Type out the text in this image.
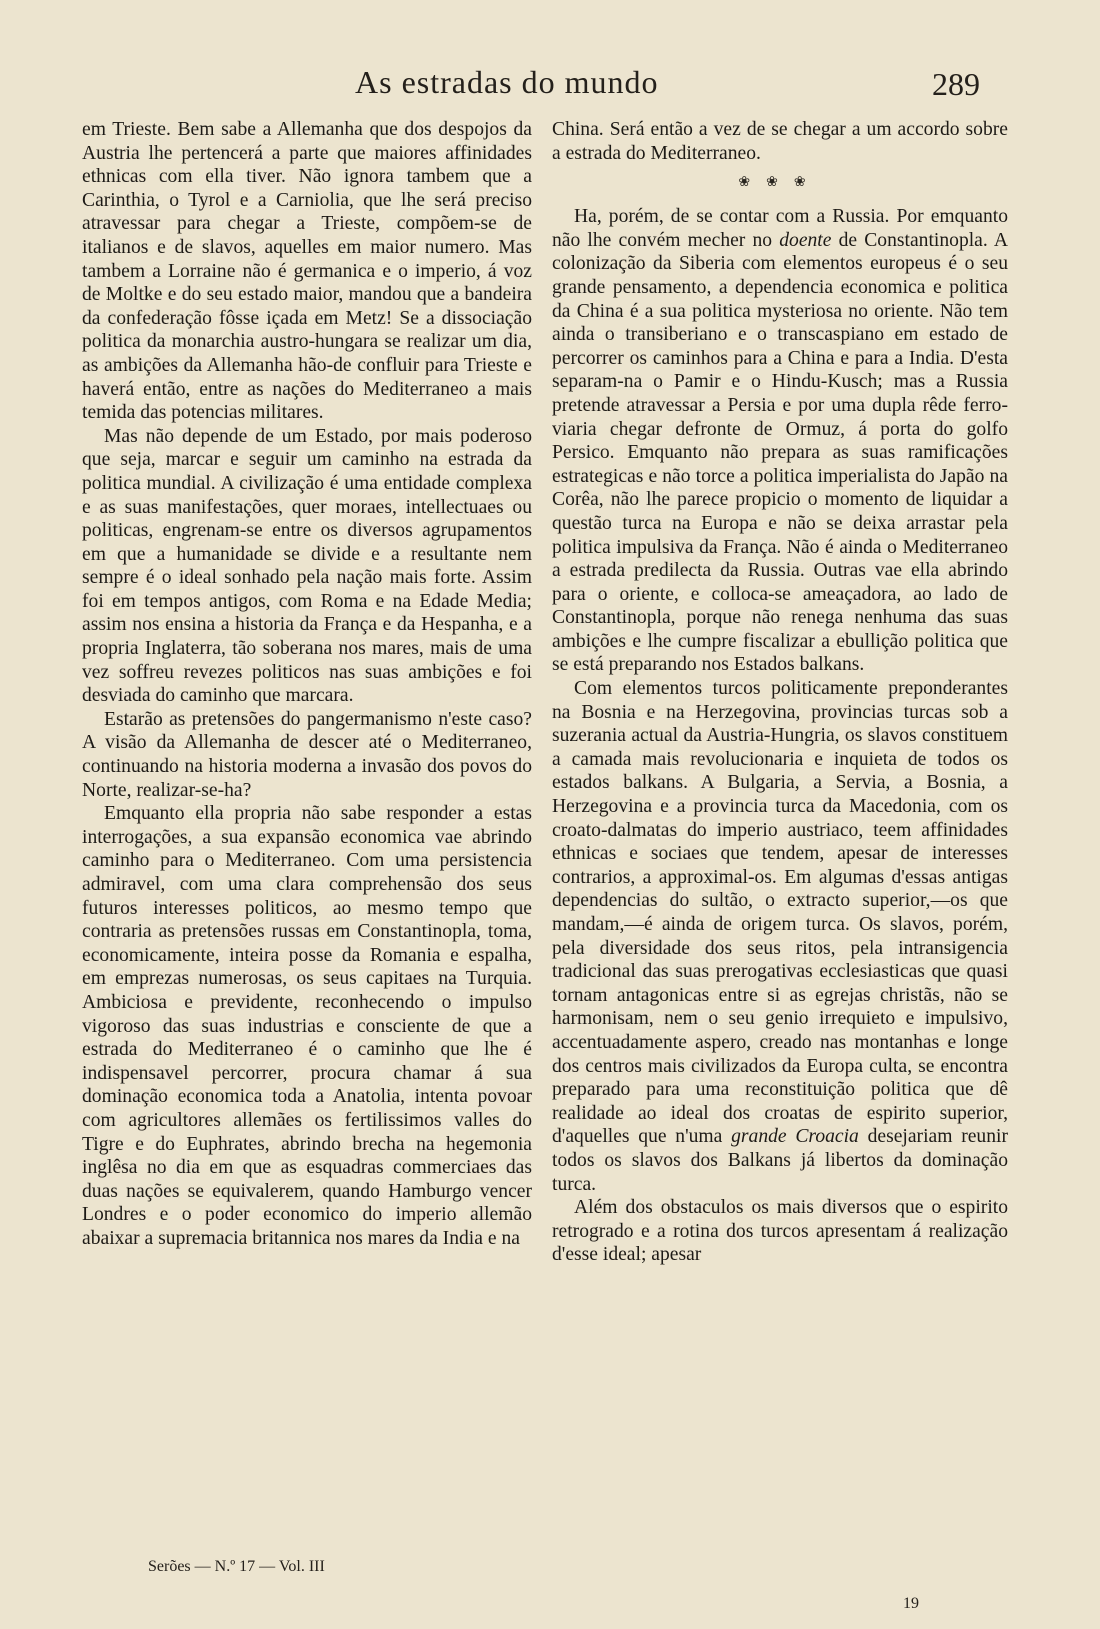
As estradas do mundo	289

em Trieste. Bem sabe a Allemanha que dos despojos da Austria lhe pertencerá a parte que maiores affinidades ethnicas com ella tiver. Não ignora tambem que a Carinthia, o Tyrol e a Carniolia, que lhe será preciso atravessar para chegar a Trieste, compõem-se de italianos e de slavos, aquelles em maior numero. Mas tambem a Lorraine não é germanica e o imperio, á voz de Moltke e do seu estado maior, mandou que a bandeira da confederação fôsse içada em Metz! Se a dissociação politica da monarchia austro-hungara se realizar um dia, as ambições da Allemanha hão-de confluir para Trieste e haverá então, entre as nações do Mediterraneo a mais temida das potencias militares.

Mas não depende de um Estado, por mais poderoso que seja, marcar e seguir um caminho na estrada da politica mundial. A civilização é uma entidade complexa e as suas manifestações, quer moraes, intellectuaes ou politicas, engrenam-se entre os diversos agrupamentos em que a humanidade se divide e a resultante nem sempre é o ideal sonhado pela nação mais forte. Assim foi em tempos antigos, com Roma e na Edade Media; assim nos ensina a historia da França e da Hespanha, e a propria Inglaterra, tão soberana nos mares, mais de uma vez soffreu revezes politicos nas suas ambições e foi desviada do caminho que marcara.

Estarão as pretensões do pangermanismo n'este caso? A visão da Allemanha de descer até o Mediterraneo, continuando na historia moderna a invasão dos povos do Norte, realizar-se-ha?

Emquanto ella propria não sabe responder a estas interrogações, a sua expansão economica vae abrindo caminho para o Mediterraneo. Com uma persistencia admiravel, com uma clara comprehensão dos seus futuros interesses politicos, ao mesmo tempo que contraria as pretensões russas em Constantinopla, toma, economicamente, inteira posse da Romania e espalha, em emprezas numerosas, os seus capitaes na Turquia. Ambiciosa e previdente, reconhecendo o impulso vigoroso das suas industrias e consciente de que a estrada do Mediterraneo é o caminho que lhe é indispensavel percorrer, procura chamar á sua dominação economica toda a Anatolia, intenta povoar com agricultores allemães os fertilissimos valles do Tigre e do Euphrates, abrindo brecha na hegemonia inglêsa no dia em que as esquadras commerciaes das duas nações se equivalerem, quando Hamburgo vencer Londres e o poder economico do imperio allemão abaixar a supremacia britannica nos mares da India e na

China. Será então a vez de se chegar a um accordo sobre a estrada do Mediterraneo.

❀❀❀

Ha, porém, de se contar com a Russia. Por emquanto não lhe convém mecher no doente de Constantinopla. A colonização da Siberia com elementos europeus é o seu grande pensamento, a dependencia economica e politica da China é a sua politica mysteriosa no oriente. Não tem ainda o transiberiano e o transcaspiano em estado de percorrer os caminhos para a China e para a India. D'esta separam-na o Pamir e o Hindu-Kusch; mas a Russia pretende atravessar a Persia e por uma dupla rêde ferro-viaria chegar defronte de Ormuz, á porta do golfo Persico. Emquanto não prepara as suas ramificações estrategicas e não torce a politica imperialista do Japão na Corêa, não lhe parece propicio o momento de liquidar a questão turca na Europa e não se deixa arrastar pela politica impulsiva da França. Não é ainda o Mediterraneo a estrada predilecta da Russia. Outras vae ella abrindo para o oriente, e colloca-se ameaçadora, ao lado de Constantinopla, porque não renega nenhuma das suas ambições e lhe cumpre fiscalizar a ebullição politica que se está preparando nos Estados balkans.

Com elementos turcos politicamente preponderantes na Bosnia e na Herzegovina, provincias turcas sob a suzerania actual da Austria-Hungria, os slavos constituem a camada mais revolucionaria e inquieta de todos os estados balkans. A Bulgaria, a Servia, a Bosnia, a Herzegovina e a provincia turca da Macedonia, com os croato-dalmatas do imperio austriaco, teem affinidades ethnicas e sociaes que tendem, apesar de interesses contrarios, a approximal-os. Em algumas d'essas antigas dependencias do sultão, o extracto superior,—os que mandam,—é ainda de origem turca. Os slavos, porém, pela diversidade dos seus ritos, pela intransigencia tradicional das suas prerogativas ecclesiasticas que quasi tornam antagonicas entre si as egrejas christãs, não se harmonisam, nem o seu genio irrequieto e impulsivo, accentuadamente aspero, creado nas montanhas e longe dos centros mais civilizados da Europa culta, se encontra preparado para uma reconstituição politica que dê realidade ao ideal dos croatas de espirito superior, d'aquelles que n'uma grande Croacia desejariam reunir todos os slavos dos Balkans já libertos da dominação turca.

Além dos obstaculos os mais diversos que o espirito retrogrado e a rotina dos turcos apresentam á realização d'esse ideal; apesar

Serões — N.º 17 — Vol. III
19
